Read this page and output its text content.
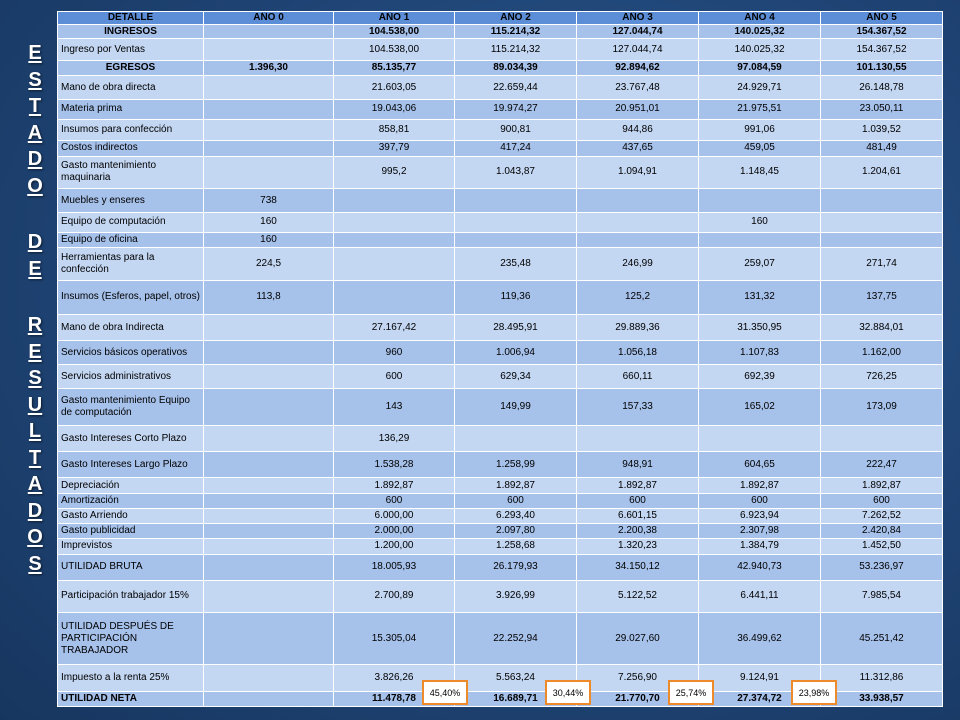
E
S
T
A
D
O
D
E
R
E
S
U
L
T
A
D
O
S
DETALLE	AÑO 0	AÑO 1	AÑO 2	AÑO 3	AÑO 4	AÑO 5
INGRESOS		104.538,00	115.214,32	127.044,74	140.025,32	154.367,52
Ingreso por Ventas		104.538,00	115.214,32	127.044,74	140.025,32	154.367,52
EGRESOS	1.396,30	85.135,77	89.034,39	92.894,62	97.084,59	101.130,55
Mano de obra directa		21.603,05	22.659,44	23.767,48	24.929,71	26.148,78
Materia prima		19.043,06	19.974,27	20.951,01	21.975,51	23.050,11
Insumos para confección		858,81	900,81	944,86	991,06	1.039,52
Costos indirectos		397,79	417,24	437,65	459,05	481,49
Gasto mantenimiento maquinaria		995,2	1.043,87	1.094,91	1.148,45	1.204,61
Muebles y enseres	738					
Equipo de computación	160				160	
Equipo de oficina	160					
Herramientas para la confección	224,5		235,48	246,99	259,07	271,74
Insumos (Esferos, papel, otros)	113,8		119,36	125,2	131,32	137,75
Mano de obra Indirecta		27.167,42	28.495,91	29.889,36	31.350,95	32.884,01
Servicios básicos operativos		960	1.006,94	1.056,18	1.107,83	1.162,00
Servicios administrativos		600	629,34	660,11	692,39	726,25
Gasto mantenimiento Equipo de computación		143	149,99	157,33	165,02	173,09
Gasto Intereses Corto Plazo		136,29				
Gasto Intereses Largo Plazo		1.538,28	1.258,99	948,91	604,65	222,47
Depreciación		1.892,87	1.892,87	1.892,87	1.892,87	1.892,87
Amortización		600	600	600	600	600
Gasto Arriendo		6.000,00	6.293,40	6.601,15	6.923,94	7.262,52
Gasto publicidad		2.000,00	2.097,80	2.200,38	2.307,98	2.420,84
Imprevistos		1.200,00	1.258,68	1.320,23	1.384,79	1.452,50
UTILIDAD BRUTA		18.005,93	26.179,93	34.150,12	42.940,73	53.236,97
Participación trabajador 15%		2.700,89	3.926,99	5.122,52	6.441,11	7.985,54
UTILIDAD DESPUÉS DE PARTICIPACIÓN TRABAJADOR		15.305,04	22.252,94	29.027,60	36.499,62	45.251,42
Impuesto a la renta 25%		3.826,26	5.563,24	7.256,90	9.124,91	11.312,86
UTILIDAD NETA		11.478,78	16.689,71	21.770,70	27.374,72	33.938,57
45,40%	30,44%	25,74%	23,98%
